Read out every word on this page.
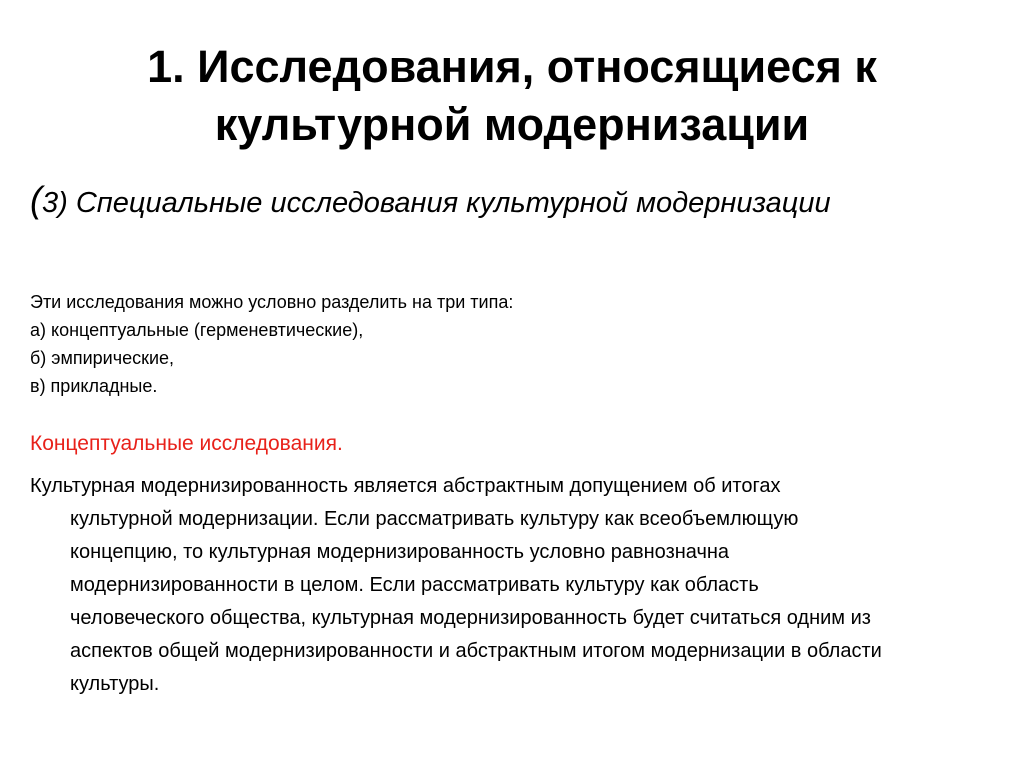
1. Исследования, относящиеся к
культурной модернизации

(3) Специальные исследования культурной модернизации

Эти исследования можно условно разделить на три типа:
а) концептуальные (герменевтические),
б) эмпирические,
в) прикладные.

Концептуальные исследования.

Культурная модернизированность является абстрактным допущением об итогах
культурной модернизации. Если рассматривать культуру как всеобъемлющую
концепцию, то культурная модернизированность условно равнозначна
модернизированности в целом. Если рассматривать культуру как область
человеческого общества, культурная модернизированность будет считаться одним из
аспектов общей модернизированности и абстрактным итогом модернизации в области
культуры.
